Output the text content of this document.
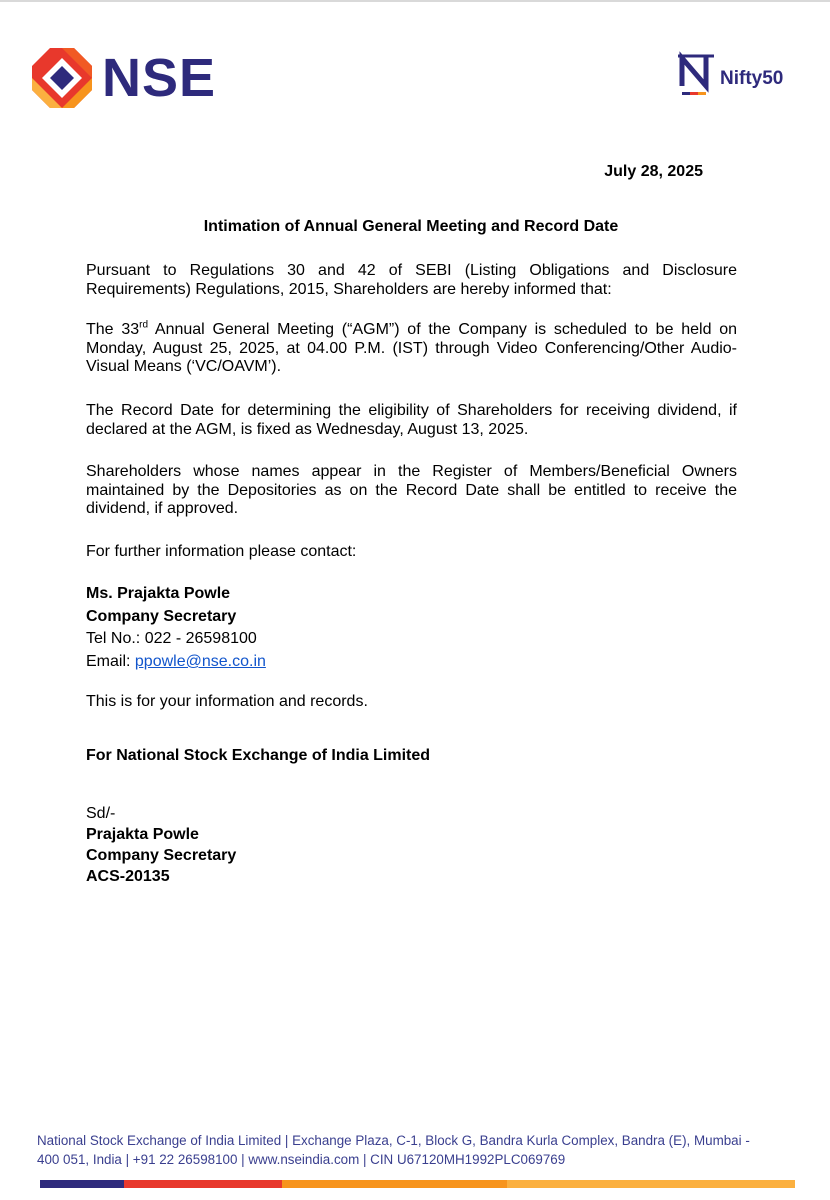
NSE	Nifty50
July 28, 2025
Intimation of Annual General Meeting and Record Date
Pursuant to Regulations 30 and 42 of SEBI (Listing Obligations and Disclosure Requirements) Regulations, 2015, Shareholders are hereby informed that:
The 33rd Annual General Meeting (“AGM”) of the Company is scheduled to be held on Monday, August 25, 2025, at 04.00 P.M. (IST) through Video Conferencing/Other Audio-Visual Means (‘VC/OAVM’).
The Record Date for determining the eligibility of Shareholders for receiving dividend, if declared at the AGM, is fixed as Wednesday, August 13, 2025.
Shareholders whose names appear in the Register of Members/Beneficial Owners maintained by the Depositories as on the Record Date shall be entitled to receive the dividend, if approved.
For further information please contact:
Ms. Prajakta Powle
Company Secretary
Tel No.: 022 - 26598100
Email: ppowle@nse.co.in
This is for your information and records.
For National Stock Exchange of India Limited
Sd/-
Prajakta Powle
Company Secretary
ACS-20135
National Stock Exchange of India Limited | Exchange Plaza, C-1, Block G, Bandra Kurla Complex, Bandra (E), Mumbai -
400 051, India | +91 22 26598100 | www.nseindia.com | CIN U67120MH1992PLC069769
